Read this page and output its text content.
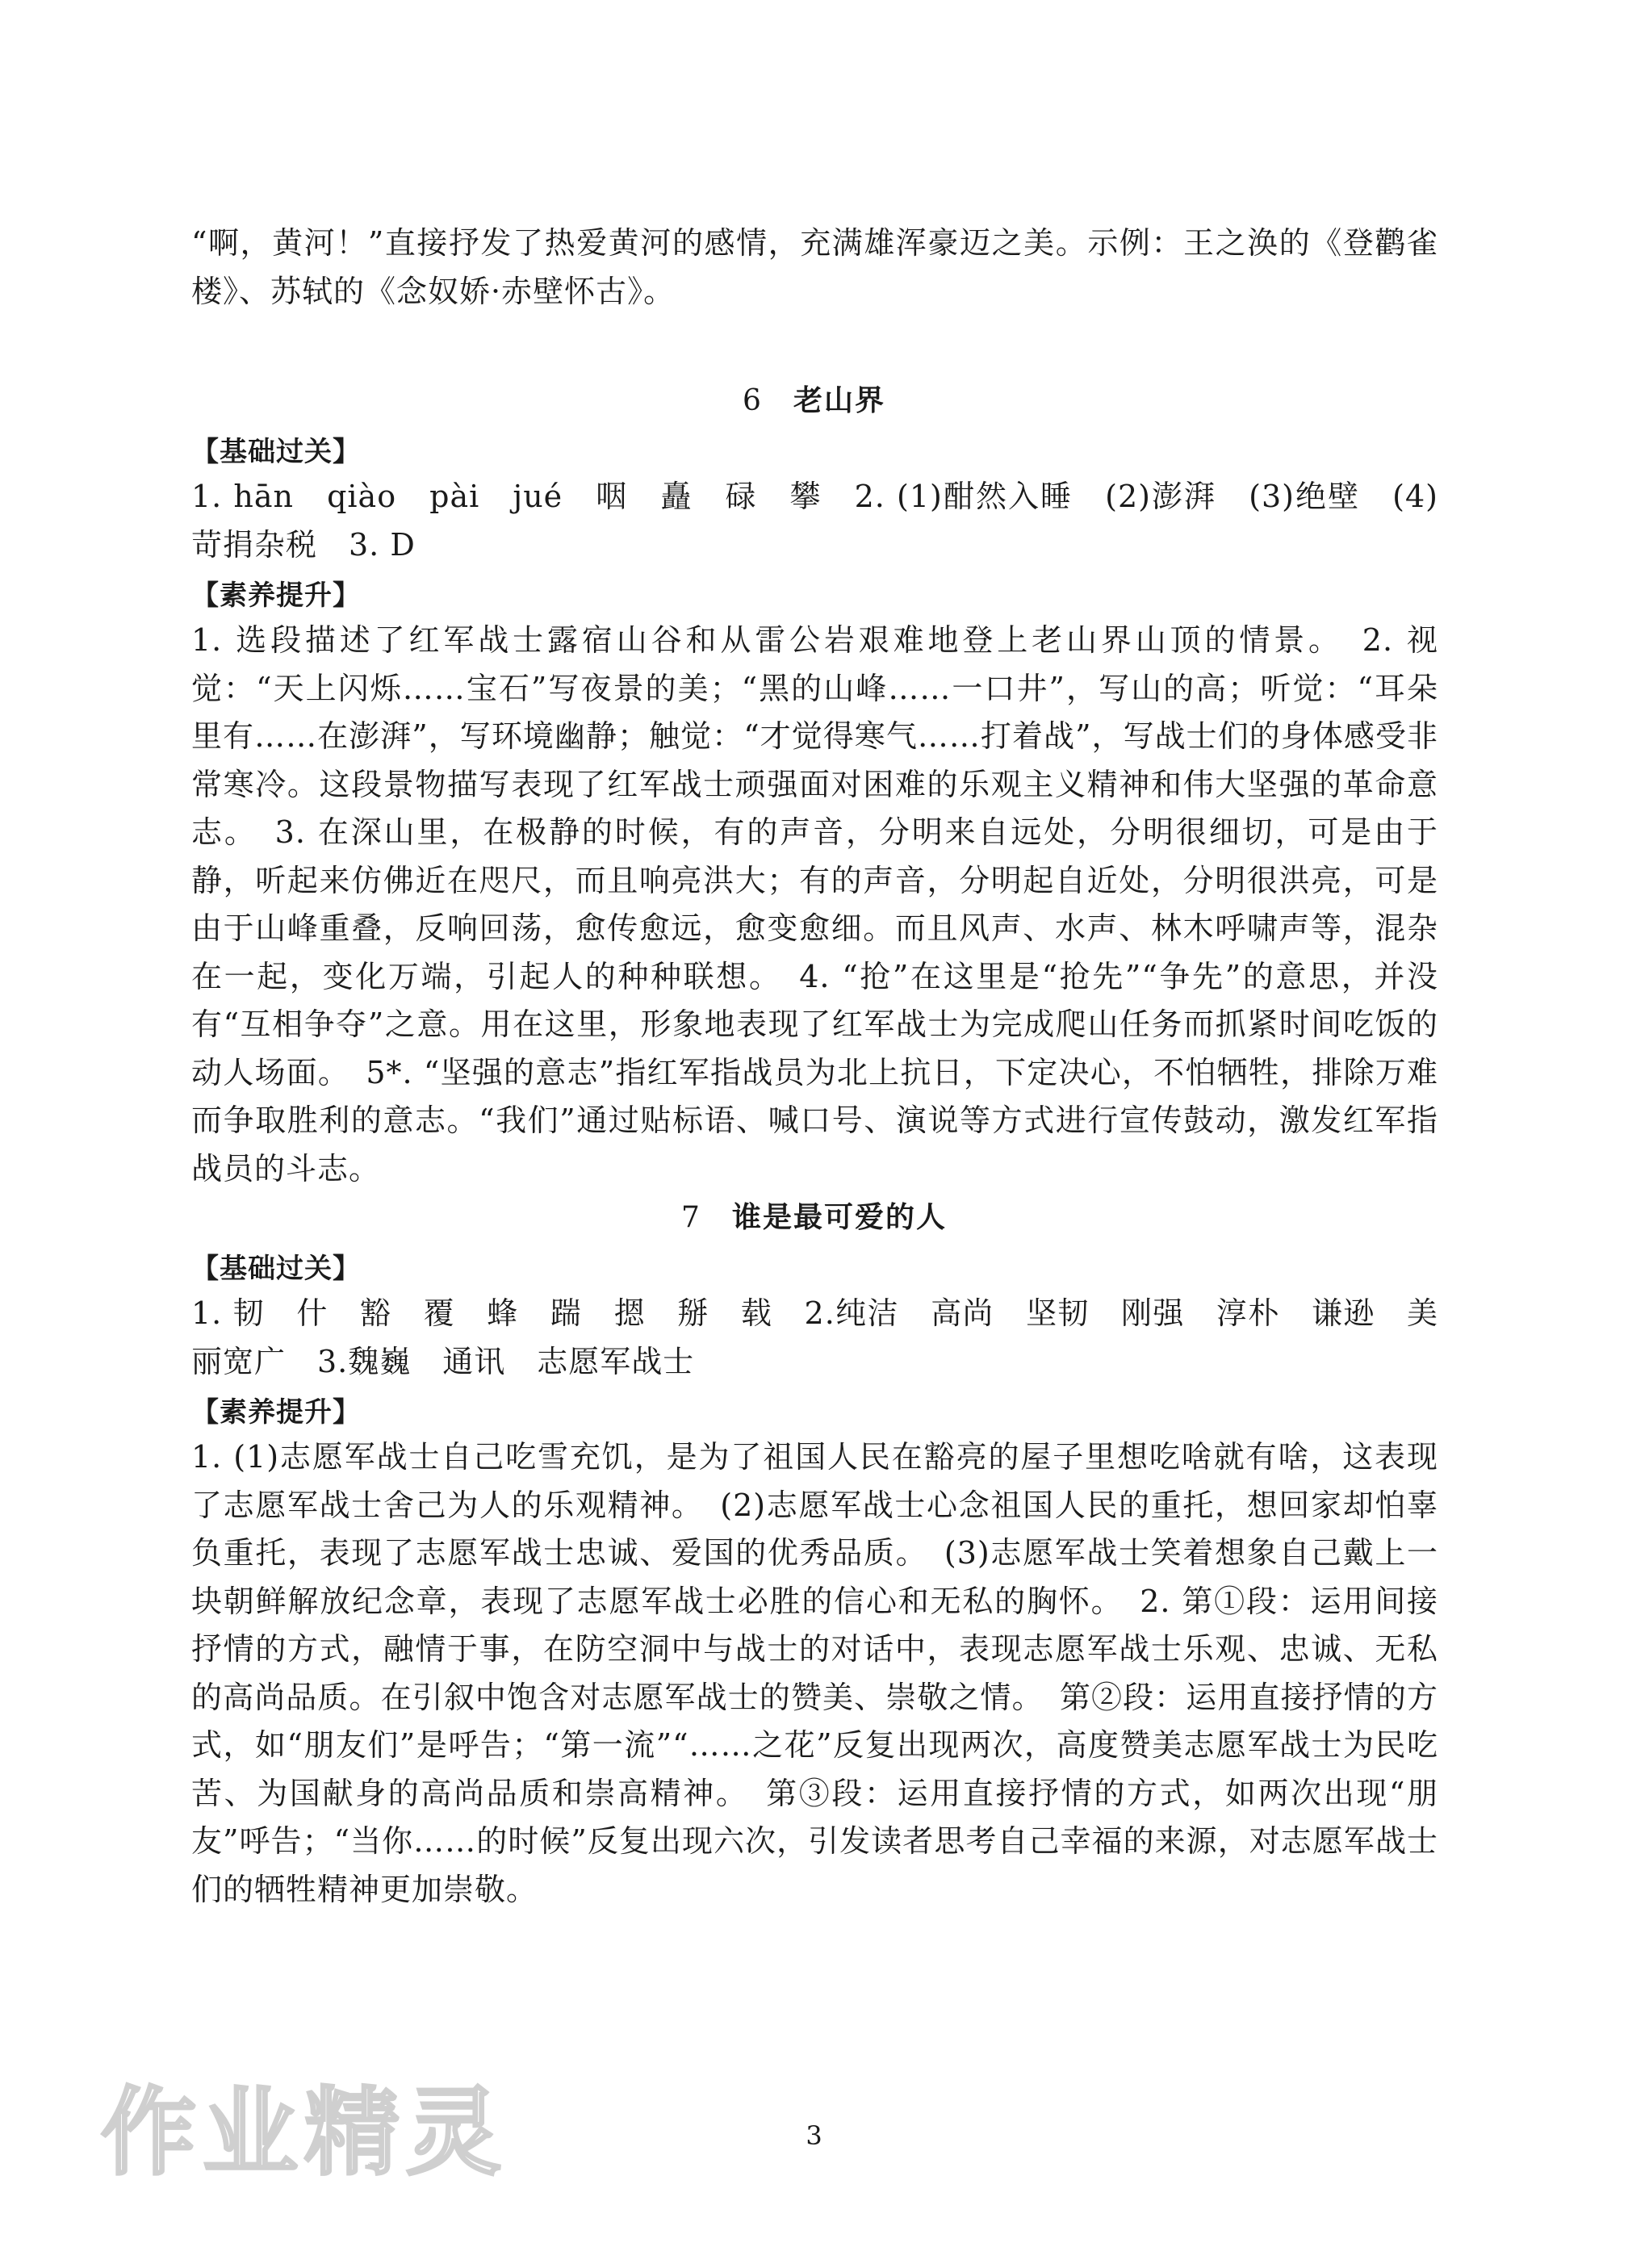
“啊，黄河！”直接抒发了热爱黄河的感情，充满雄浑豪迈之美。示例：王之涣的《登鹳雀楼》、苏轼的《念奴娇·赤壁怀古》。

6 老山界
【基础过关】

1. hān　qiào　pài　jué　咽　矗　碌　攀　2. (1)酣然入睡　(2)澎湃　(3)绝壁　(4)苛捐杂税　3. D

【素养提升】

1. 选段描述了红军战士露宿山谷和从雷公岩艰难地登上老山界山顶的情景。　2. 视觉：“天上闪烁……宝石”写夜景的美；“黑的山峰……一口井”，写山的高；听觉：“耳朵里有……在澎湃”，写环境幽静；触觉：“才觉得寒气……打着战”，写战士们的身体感受非常寒冷。这段景物描写表现了红军战士顽强面对困难的乐观主义精神和伟大坚强的革命意志。　3. 在深山里，在极静的时候，有的声音，分明来自远处，分明很细切，可是由于静，听起来仿佛近在咫尺，而且响亮洪大；有的声音，分明起自近处，分明很洪亮，可是由于山峰重叠，反响回荡，愈传愈远，愈变愈细。而且风声、水声、林木呼啸声等，混杂在一起，变化万端，引起人的种种联想。　4. “抢”在这里是“抢先”“争先”的意思，并没有“互相争夺”之意。用在这里，形象地表现了红军战士为完成爬山任务而抓紧时间吃饭的动人场面。　5*. “坚强的意志”指红军指战员为北上抗日，下定决心，不怕牺牲，排除万难而争取胜利的意志。“我们”通过贴标语、喊口号、演说等方式进行宣传鼓动，激发红军指战员的斗志。

7 谁是最可爱的人
【基础过关】

1. 韧　什　豁　覆　蜂　踹　摁　掰　载　2.纯洁　高尚　坚韧　刚强　淳朴　谦逊　美丽宽广　3.魏巍　通讯　志愿军战士

【素养提升】

1. (1)志愿军战士自己吃雪充饥，是为了祖国人民在豁亮的屋子里想吃啥就有啥，这表现了志愿军战士舍己为人的乐观精神。　(2)志愿军战士心念祖国人民的重托，想回家却怕辜负重托，表现了志愿军战士忠诚、爱国的优秀品质。　(3)志愿军战士笑着想象自己戴上一块朝鲜解放纪念章，表现了志愿军战士必胜的信心和无私的胸怀。　2. 第①段：运用间接抒情的方式，融情于事，在防空洞中与战士的对话中，表现志愿军战士乐观、忠诚、无私的高尚品质。在引叙中饱含对志愿军战士的赞美、崇敬之情。　第②段：运用直接抒情的方式，如“朋友们”是呼告；“第一流”“……之花”反复出现两次，高度赞美志愿军战士为民吃苦、为国献身的高尚品质和崇高精神。　第③段：运用直接抒情的方式，如两次出现“朋友”呼告；“当你……的时候”反复出现六次，引发读者思考自己幸福的来源，对志愿军战士们的牺牲精神更加崇敬。

3
作业精灵
